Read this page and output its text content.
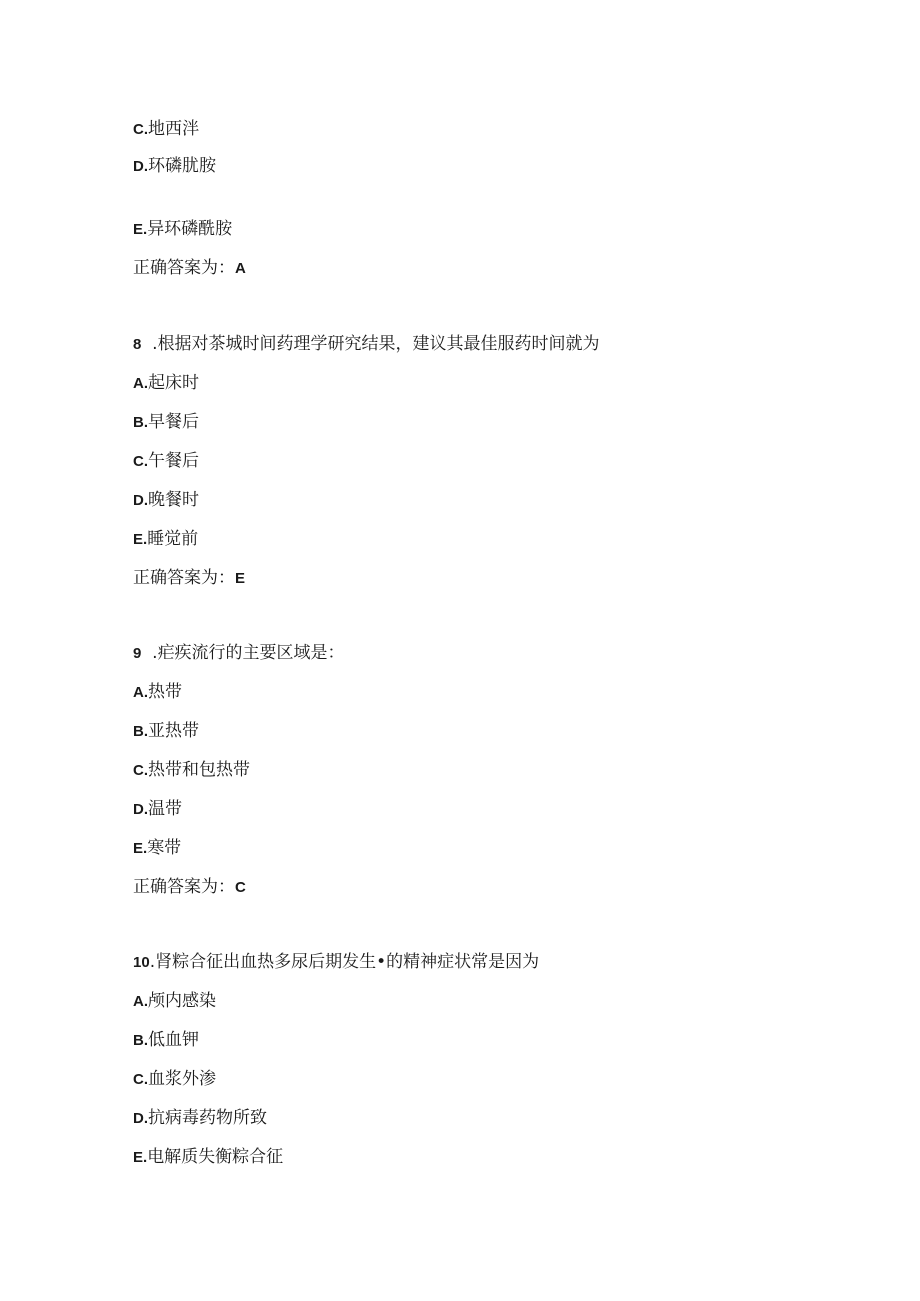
C.地西泮
D.环磷肬胺
E.异环磷酰胺
正确答案为：A
8  .根据对茶城时间药理学研究结果，建议其最佳服药时间就为
A.起床时
B.早餐后
C.午餐后
D.晚餐时
E.睡觉前
正确答案为：E
9  .疟疾流行的主要区域是：
A.热带
B.亚热带
C.热带和包热带
D.温带
E.寒带
正确答案为：C
10.肾粽合征出血热多尿后期发生•的精神症状常是因为
A.颅内感染
B.低血钾
C.血浆外渗
D.抗病毒药物所致
E.电解质失衡粽合征
